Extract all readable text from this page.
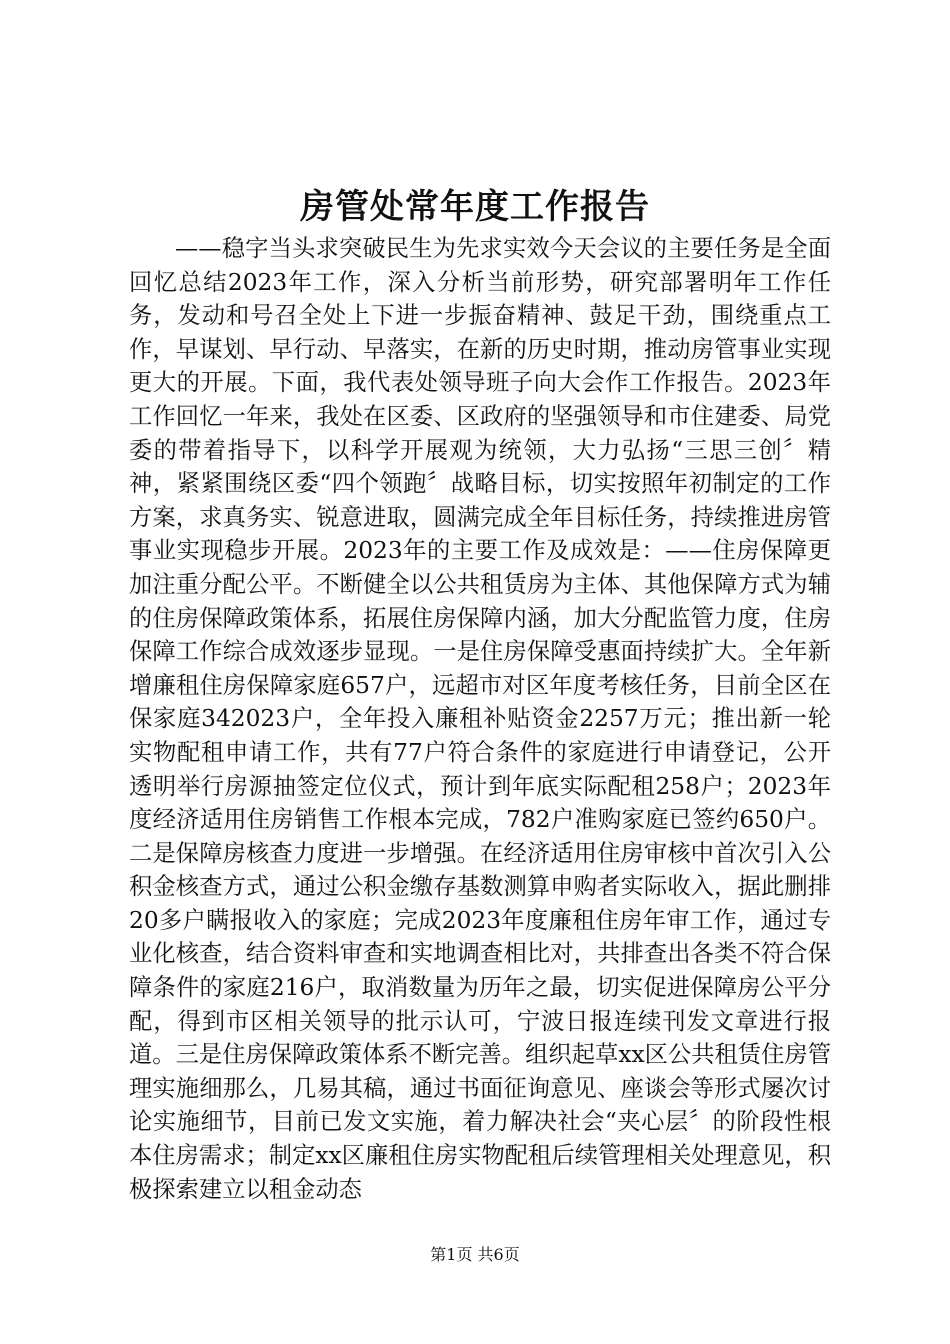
房管处常年度工作报告

——稳字当头求突破民生为先求实效今天会议的主要任务是全面回忆总结2023年工作，深入分析当前形势，研究部署明年工作任务，发动和号召全处上下进一步振奋精神、鼓足干劲，围绕重点工作，早谋划、早行动、早落实，在新的历史时期，推动房管事业实现更大的开展。下面，我代表处领导班子向大会作工作报告。2023年工作回忆一年来，我处在区委、区政府的坚强领导和市住建委、局党委的带着指导下，以科学开展观为统领，大力弘扬“三思三创〞精神，紧紧围绕区委“四个领跑〞战略目标，切实按照年初制定的工作方案，求真务实、锐意进取，圆满完成全年目标任务，持续推进房管事业实现稳步开展。2023年的主要工作及成效是：——住房保障更加注重分配公平。不断健全以公共租赁房为主体、其他保障方式为辅的住房保障政策体系，拓展住房保障内涵，加大分配监管力度，住房保障工作综合成效逐步显现。一是住房保障受惠面持续扩大。全年新增廉租住房保障家庭657户，远超市对区年度考核任务，目前全区在保家庭342023户，全年投入廉租补贴资金2257万元；推出新一轮实物配租申请工作，共有77户符合条件的家庭进行申请登记，公开透明举行房源抽签定位仪式，预计到年底实际配租258户；2023年度经济适用住房销售工作根本完成，782户准购家庭已签约650户。二是保障房核查力度进一步增强。在经济适用住房审核中首次引入公积金核查方式，通过公积金缴存基数测算申购者实际收入，据此删排20多户瞒报收入的家庭；完成2023年度廉租住房年审工作，通过专业化核查，结合资料审查和实地调查相比对，共排查出各类不符合保障条件的家庭216户，取消数量为历年之最，切实促进保障房公平分配，得到市区相关领导的批示认可，宁波日报连续刊发文章进行报道。三是住房保障政策体系不断完善。组织起草xx区公共租赁住房管理实施细那么，几易其稿，通过书面征询意见、座谈会等形式屡次讨论实施细节，目前已发文实施，着力解决社会“夹心层〞的阶段性根本住房需求；制定xx区廉租住房实物配租后续管理相关处理意见，积极探索建立以租金动态

第1页 共6页
